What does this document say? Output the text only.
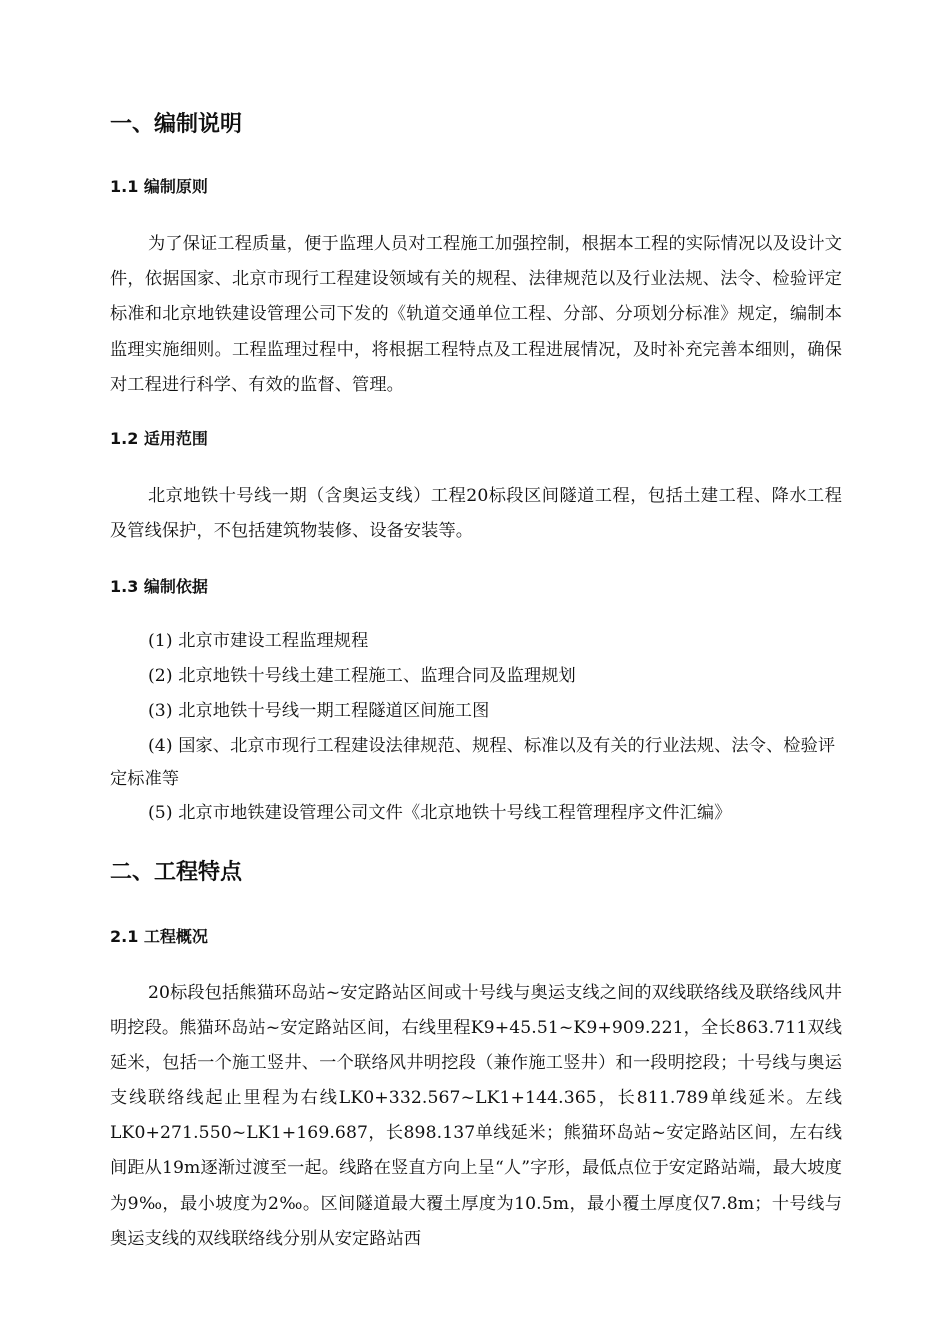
一、编制说明
1.1 编制原则

为了保证工程质量，便于监理人员对工程施工加强控制，根据本工程的实际情况以及设计文件，依据国家、北京市现行工程建设领域有关的规程、法律规范以及行业法规、法令、检验评定标准和北京地铁建设管理公司下发的《轨道交通单位工程、分部、分项划分标准》规定，编制本监理实施细则。工程监理过程中，将根据工程特点及工程进展情况，及时补充完善本细则，确保对工程进行科学、有效的监督、管理。

1.2 适用范围

北京地铁十号线一期（含奥运支线）工程20标段区间隧道工程，包括土建工程、降水工程及管线保护，不包括建筑物装修、设备安装等。

1.3 编制依据

(1) 北京市建设工程监理规程

(2) 北京地铁十号线土建工程施工、监理合同及监理规划

(3) 北京地铁十号线一期工程隧道区间施工图

(4) 国家、北京市现行工程建设法律规范、规程、标准以及有关的行业法规、法令、检验评定标准等

(5) 北京市地铁建设管理公司文件《北京地铁十号线工程管理程序文件汇编》

二、工程特点
2.1 工程概况

20标段包括熊猫环岛站~安定路站区间或十号线与奥运支线之间的双线联络线及联络线风井明挖段。熊猫环岛站~安定路站区间，右线里程K9+45.51~K9+909.221，全长863.711双线延米，包括一个施工竖井、一个联络风井明挖段（兼作施工竖井）和一段明挖段；十号线与奥运支线联络线起止里程为右线LK0+332.567~LK1+144.365，长811.789单线延米。左线LK0+271.550~LK1+169.687，长898.137单线延米；熊猫环岛站~安定路站区间，左右线间距从19m逐渐过渡至一起。线路在竖直方向上呈“人”字形，最低点位于安定路站端，最大坡度为9‰，最小坡度为2‰。区间隧道最大覆土厚度为10.5m，最小覆土厚度仅7.8m；十号线与奥运支线的双线联络线分别从安定路站西
